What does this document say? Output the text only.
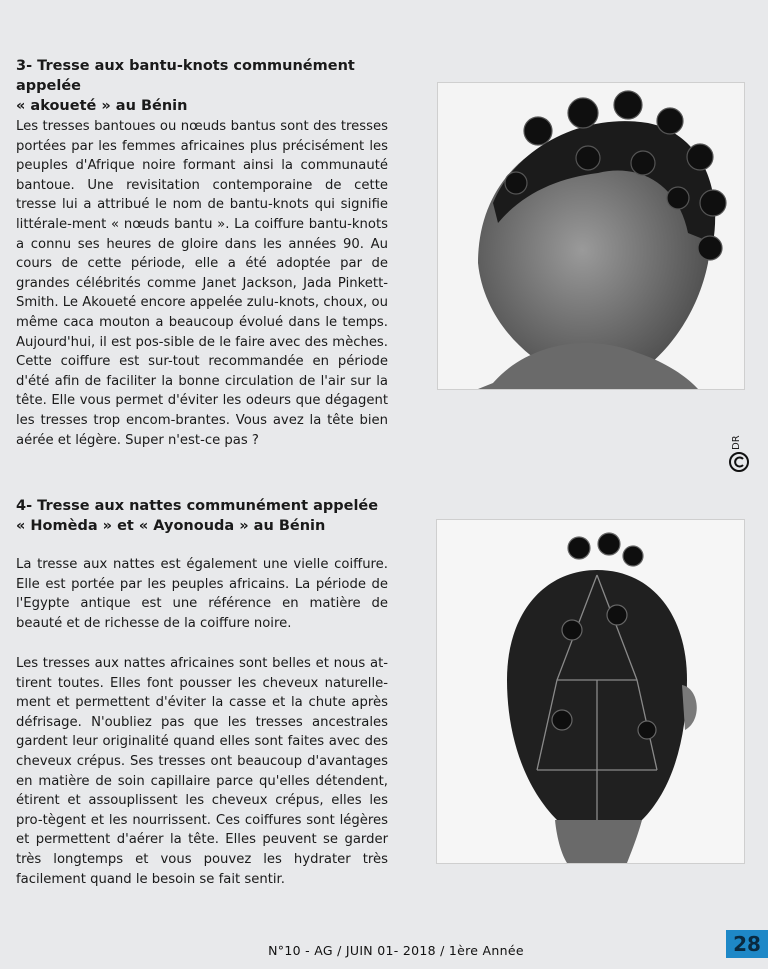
3- Tresse aux bantu-knots communément appelée
« akoueté » au Bénin

Les tresses bantoues ou nœuds bantus sont des tresses portées par les femmes africaines plus précisément les peuples d'Afrique noire formant ainsi la communauté bantoue. Une revisitation contemporaine de cette tresse lui a attribué le nom de bantu-knots qui signifie littérale-ment « nœuds bantu ». La coiffure bantu-knots a connu ses heures de gloire dans les années 90. Au cours de cette période, elle a été adoptée par de grandes célébrités comme Janet Jackson, Jada Pinkett-Smith. Le Akoueté encore appelée zulu-knots, choux, ou même caca mouton a beaucoup évolué dans le temps. Aujourd'hui, il est pos-sible de le faire avec des mèches. Cette coiffure est sur-tout recommandée en période d'été afin de faciliter la bonne circulation de l'air sur la tête. Elle vous permet d'éviter les odeurs que dégagent les tresses trop encom-brantes. Vous avez la tête bien aérée et légère. Super n'est-ce pas ?	DR
4- Tresse aux nattes communément appelée
« Homèda » et « Ayonouda » au Bénin

La tresse aux nattes est également une vielle coiffure. Elle est portée par les peuples africains. La période de l'Egypte antique est une référence en matière de beauté et de richesse de la coiffure noire.

Les tresses aux nattes africaines sont belles et nous at-tirent toutes. Elles font pousser les cheveux naturelle-ment et permettent d'éviter la casse et la chute après défrisage. N'oubliez pas que les tresses ancestrales gardent leur originalité quand elles sont faites avec des cheveux crépus. Ses tresses ont beaucoup d'avantages en matière de soin capillaire parce qu'elles détendent, étirent et assouplissent les cheveux crépus, elles les pro-tègent et les nourrissent. Ces coiffures sont légères et permettent d'aérer la tête. Elles peuvent se garder très longtemps et vous pouvez les hydrater très facilement quand le besoin se fait sentir.

N°10 - AG / JUIN 01- 2018 / 1ère Année	28
